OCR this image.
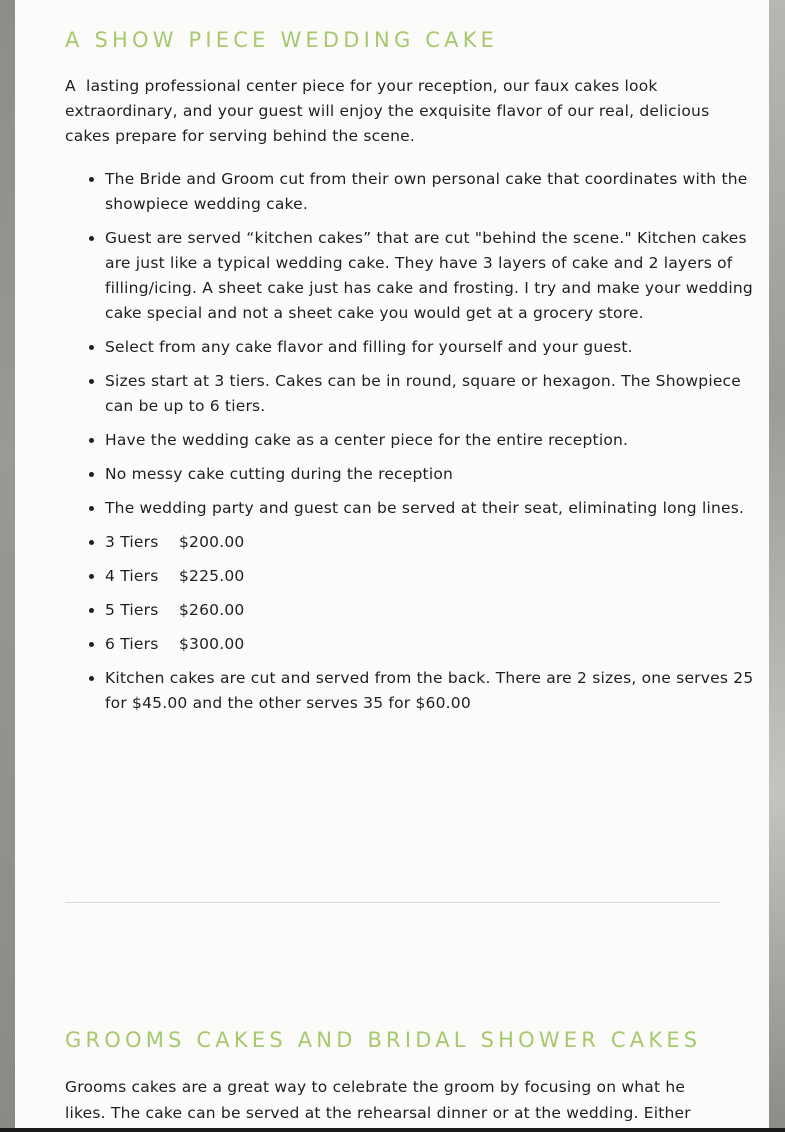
A SHOW PIECE WEDDING CAKE

A  lasting professional center piece for your reception, our faux cakes look extraordinary, and your guest will enjoy the exquisite flavor of our real, delicious cakes prepare for serving behind the scene.

• The Bride and Groom cut from their own personal cake that coordinates with the showpiece wedding cake.
• Guest are served “kitchen cakes” that are cut "behind the scene." Kitchen cakes are just like a typical wedding cake. They have 3 layers of cake and 2 layers of filling/icing. A sheet cake just has cake and frosting. I try and make your wedding cake special and not a sheet cake you would get at a grocery store.
• Select from any cake flavor and filling for yourself and your guest.
• Sizes start at 3 tiers. Cakes can be in round, square or hexagon. The Showpiece can be up to 6 tiers.
• Have the wedding cake as a center piece for the entire reception.
• No messy cake cutting during the reception
• The wedding party and guest can be served at their seat, eliminating long lines.
• 3 Tiers    $200.00
• 4 Tiers    $225.00
• 5 Tiers    $260.00
• 6 Tiers    $300.00
• Kitchen cakes are cut and served from the back. There are 2 sizes, one serves 25 for $45.00 and the other serves 35 for $60.00
GROOMS CAKES AND BRIDAL SHOWER CAKES

Grooms cakes are a great way to celebrate the groom by focusing on what he likes. The cake can be served at the rehearsal dinner or at the wedding. Either
